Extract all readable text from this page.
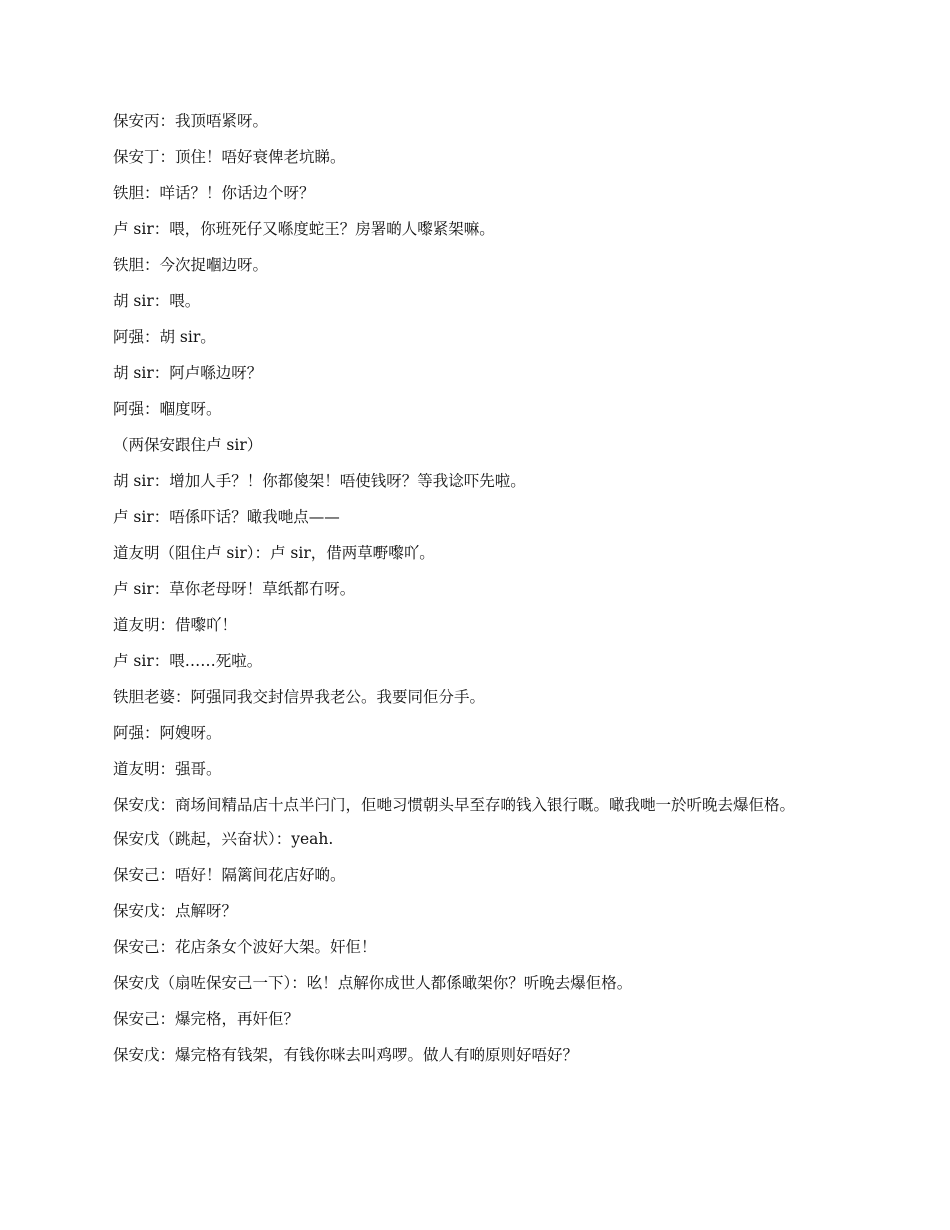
保安丙：我顶唔紧呀。
保安丁：顶住！唔好衰俾老坑睇。
铁胆：咩话？！你话边个呀？
卢 sir：喂，你班死仔又喺度蛇王？房署啲人嚟紧架嘛。
铁胆：今次捉嗰边呀。
胡 sir：喂。
阿强：胡 sir。
胡 sir：阿卢喺边呀？
阿强：嗰度呀。
（两保安跟住卢 sir）
胡 sir：增加人手？！你都傻架！唔使钱呀？等我谂吓先啦。
卢 sir：唔係吓话？噉我哋点——
道友明（阻住卢 sir）：卢 sir，借两草嘢嚟吖。
卢 sir：草你老母呀！草纸都冇呀。
道友明：借嚟吖！
卢 sir：喂……死啦。
铁胆老婆：阿强同我交封信畀我老公。我要同佢分手。
阿强：阿嫂呀。
道友明：强哥。
保安戊：商场间精品店十点半闩门，佢哋习惯朝头早至存啲钱入银行嘅。噉我哋一於听晚去爆佢格。
保安戊（跳起，兴奋状）：yeah.
保安己：唔好！隔篱间花店好啲。
保安戊：点解呀？
保安己：花店条女个波好大架。奸佢！
保安戊（扇咗保安己一下）：吆！点解你成世人都係噉架你？听晚去爆佢格。
保安己：爆完格，再奸佢？
保安戊：爆完格有钱架，有钱你咪去叫鸡啰。做人有啲原则好唔好？
